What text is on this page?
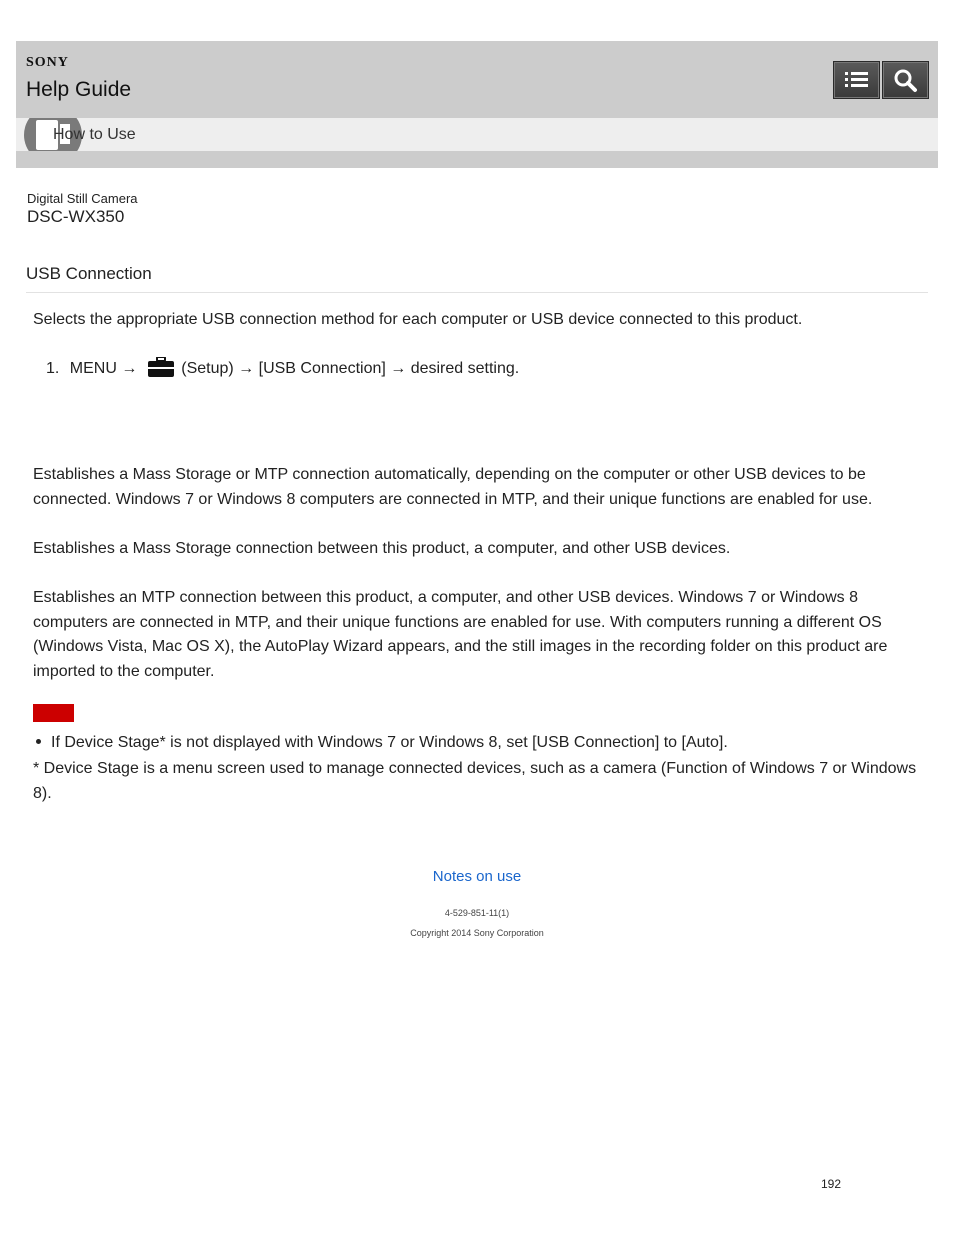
SONY
Help Guide
How to Use
Digital Still Camera
DSC-WX350
USB Connection

Selects the appropriate USB connection method for each computer or USB device connected to this product.

1. MENU →	(Setup) → [USB Connection] → desired setting.

Establishes a Mass Storage or MTP connection automatically, depending on the computer or other USB devices to be connected. Windows 7 or Windows 8 computers are connected in MTP, and their unique functions are enabled for use.

Establishes a Mass Storage connection between this product, a computer, and other USB devices.

Establishes an MTP connection between this product, a computer, and other USB devices. Windows 7 or Windows 8 computers are connected in MTP, and their unique functions are enabled for use. With computers running a different OS (Windows Vista, Mac OS X), the AutoPlay Wizard appears, and the still images in the recording folder on this product are imported to the computer.

If Device Stage* is not displayed with Windows 7 or Windows 8, set [USB Connection] to [Auto].

* Device Stage is a menu screen used to manage connected devices, such as a camera (Function of Windows 7 or Windows 8).

Notes on use
4-529-851-11(1)
Copyright 2014 Sony Corporation
192
